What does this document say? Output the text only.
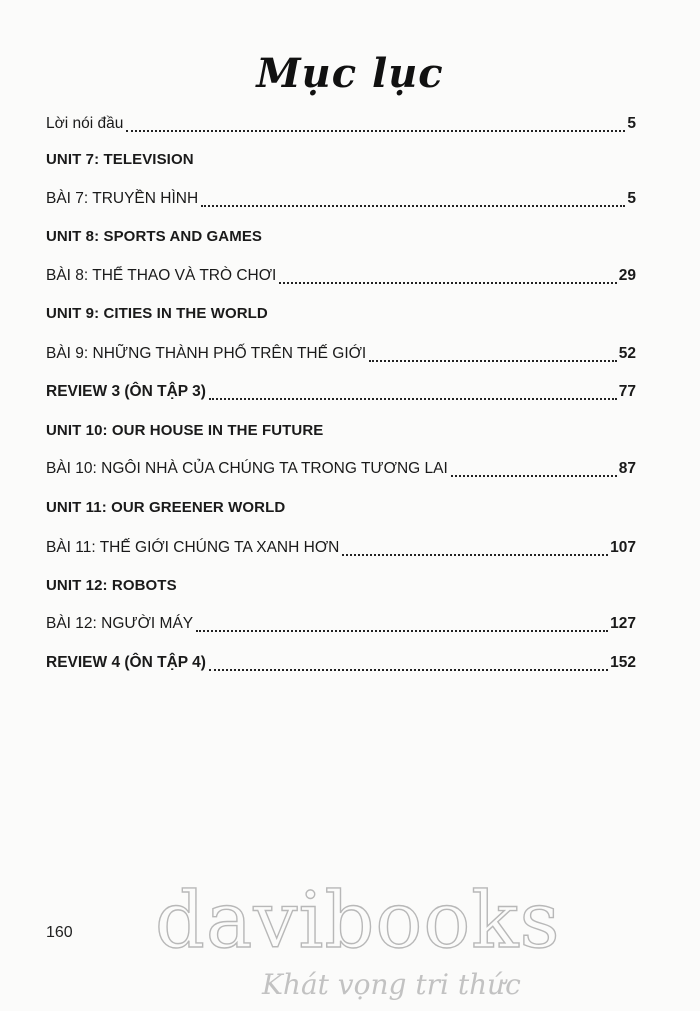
Mục lục
Lời nói đầu	5
UNIT 7: TELEVISION
BÀI 7: TRUYỀN HÌNH	5
UNIT 8: SPORTS AND GAMES
BÀI 8: THỂ THAO VÀ TRÒ CHƠI	29
UNIT 9: CITIES IN THE WORLD
BÀI 9: NHỮNG THÀNH PHỐ TRÊN THẾ GIỚI	52
REVIEW 3 (ÔN TẬP 3)	77
UNIT 10: OUR HOUSE IN THE FUTURE
BÀI 10: NGÔI NHÀ CỦA CHÚNG TA TRONG TƯƠNG LAI	87
UNIT 11: OUR GREENER WORLD
BÀI 11: THẾ GIỚI CHÚNG TA XANH HƠN	107
UNIT 12: ROBOTS
BÀI 12: NGƯỜI MÁY	127
REVIEW 4 (ÔN TẬP 4)	152
160 davibooks
Khát vọng tri thức
